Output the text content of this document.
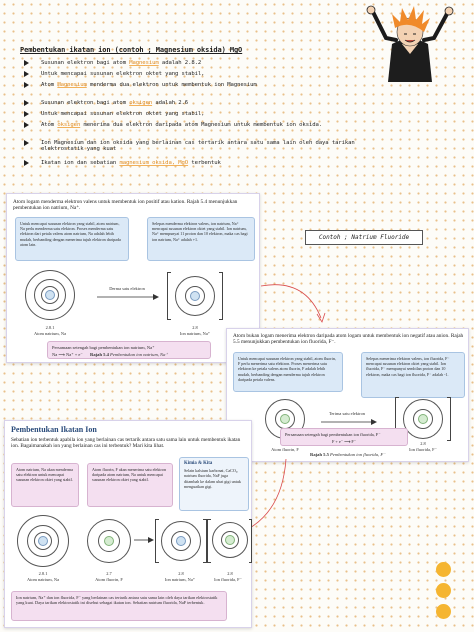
Pembentukan ikatan ion (contoh ; Magnesium oksida) MgO
Susunan elektron bagi atom Magnesium adalah 2.8.2
Untuk mencapai susunan elektron oktet yang stabil,
Atom Magnesium menderma dua elektron untuk membentuk ion Magnesium
Susunan elektron bagi atom oksigen adalah 2.6
Untuk mencapai susunan elektron oktet yang stabil,
Atom oksigen menerima dua elektron daripada atom Magnesium untuk membentuk ion oksida.
Ion Magnesium dan ion oksida yang berlainan cas tertarik antara satu sama lain oleh daya tarikan elektrostatik yang kuat
Ikatan ion dan sebatian magnesium oksida, MgO terbentuk
Atom logam menderma elektron valens untuk membentuk ion positif atau kation. Rajah 5.4 menunjukkan pembentukan ion natrium, Na⁺.
Untuk mencapai susunan elektron yang stabil, atom natrium, Na perlu menderma satu elektron. Proses menderma satu elektron dari petala valens atom natrium, Na adalah lebih mudah, berbanding dengan menerima tujuh elektron daripada atom lain.
Selepas menderma elektron valens, ion natrium, Na⁺ mencapai susunan elektron oktet yang stabil. Ion natrium, Na⁺ mempunyai 11 proton dan 10 elektron, maka cas bagi ion natrium, Na⁺ adalah +1.
2.8.1
Atom natrium, Na
Derma satu elektron
2.8
Ion natrium, Na⁺
Persamaan setengah bagi pembentukan ion natrium, Na⁺
Na ⟶ Na⁺ + e⁻	Rajah 5.4 Pembentukan ion natrium, Na⁺
Contoh ; Natrium Fluoride
Atom bukan logam menerima elektron daripada atom logam untuk membentuk ion negatif atau anion. Rajah 5.5 menunjukkan pembentukan ion fluorida, F⁻.
Untuk mencapai susunan elektron yang stabil, atom fluorin, F perlu menerima satu elektron. Proses menerima satu elektron ke petala valens atom fluorin, F adalah lebih mudah, berbanding dengan menderma tujuh elektron daripada petala valens.
Selepas menerima elektron valens, ion fluorida, F⁻ mencapai susunan elektron oktet yang stabil. Ion fluorida, F⁻ mempunyai sembilan proton dan 10 elektron, maka cas bagi ion fluorida, F⁻ adalah -1.
Atom fluorin, F
Terima satu elektron
2.8
Ion fluorida, F⁻
Persamaan setengah bagi pembentukan ion fluorida, F⁻
F + e⁻ ⟶ F⁻
Rajah 5.5 Pembentukan ion fluorida, F⁻
Pembentukan Ikatan Ion
Sebatian ion terbentuk apabila ion yang berlainan cas tertarik antara satu sama lain untuk membentuk ikatan ion. Bagaimanakah ion yang berlainan cas ini terbentuk? Mari kita lihat.
Atom natrium, Na akan menderma satu elektron untuk mencapai susunan elektron oktet yang stabil.
Atom fluorin, F akan menerima satu elektron daripada atom natrium, Na untuk mencapai susunan elektron oktet yang stabil.
Kimia & Kita
Selain kalsium karbonat, CaCO₃, natrium fluorida, NaF juga ditambah ke dalam ubat gigi untuk menguatkan gigi.
2.8.1
Atom natrium, Na
2.7
Atom fluorin, F
2.8
Ion natrium, Na⁺
2.8
Ion fluorida, F⁻
Ion natrium, Na⁺ dan ion fluorida, F⁻ yang berlainan cas tertarik antara satu sama lain oleh daya tarikan elektrostatik yang kuat. Daya tarikan elektrostatik ini disebut sebagai ikatan ion. Sebatian natrium fluorida, NaF terbentuk.
